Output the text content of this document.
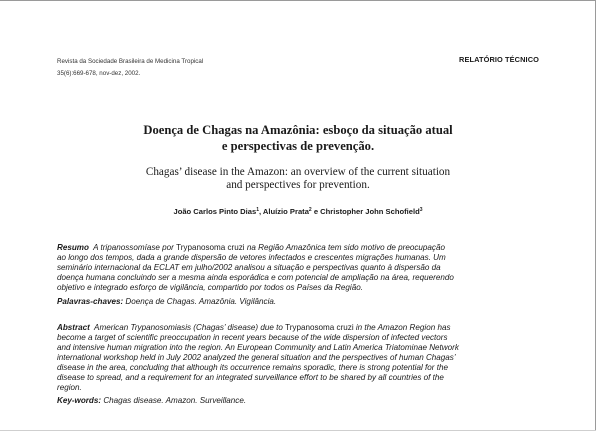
Revista da Sociedade Brasileira de Medicina Tropical
35(6):669-678, nov-dez, 2002.
RELATÓRIO TÉCNICO
Doença de Chagas na Amazônia: esboço da situação atual
e perspectivas de prevenção.
Chagas’ disease in the Amazon: an overview of the current situation
and perspectives for prevention.
João Carlos Pinto Dias$^1$, Aluízio Prata$^2$ e Christopher John Schofield$^3$
Resumo A tripanossomíase por Trypanosoma cruzi na Região Amazônica tem sido motivo de preocupação
ao longo dos tempos, dada a grande dispersão de vetores infectados e crescentes migrações humanas. Um
seminário internacional da ECLAT em julho/2002 analisou a situação e perspectivas quanto à dispersão da
doença humana concluindo ser a mesma ainda esporádica e com potencial de ampliação na área, requerendo
objetivo e integrado esforço de vigilância, compartido por todos os Países da Região.
Palavras-chaves: Doença de Chagas. Amazônia. Vigilância.
Abstract American Trypanosomiasis (Chagas’ disease) due to Trypanosoma cruzi in the Amazon Region has
become a target of scientific preoccupation in recent years because of the wide dispersion of infected vectors
and intensive human migration into the region. An European Community and Latin America Triatominae Network
international workshop held in July 2002 analyzed the general situation and the perspectives of human Chagas’
disease in the area, concluding that although its occurrence remains sporadic, there is strong potential for the
disease to spread, and a requirement for an integrated surveillance effort to be shared by all countries of the
region.
Key-words: Chagas disease. Amazon. Surveillance.
